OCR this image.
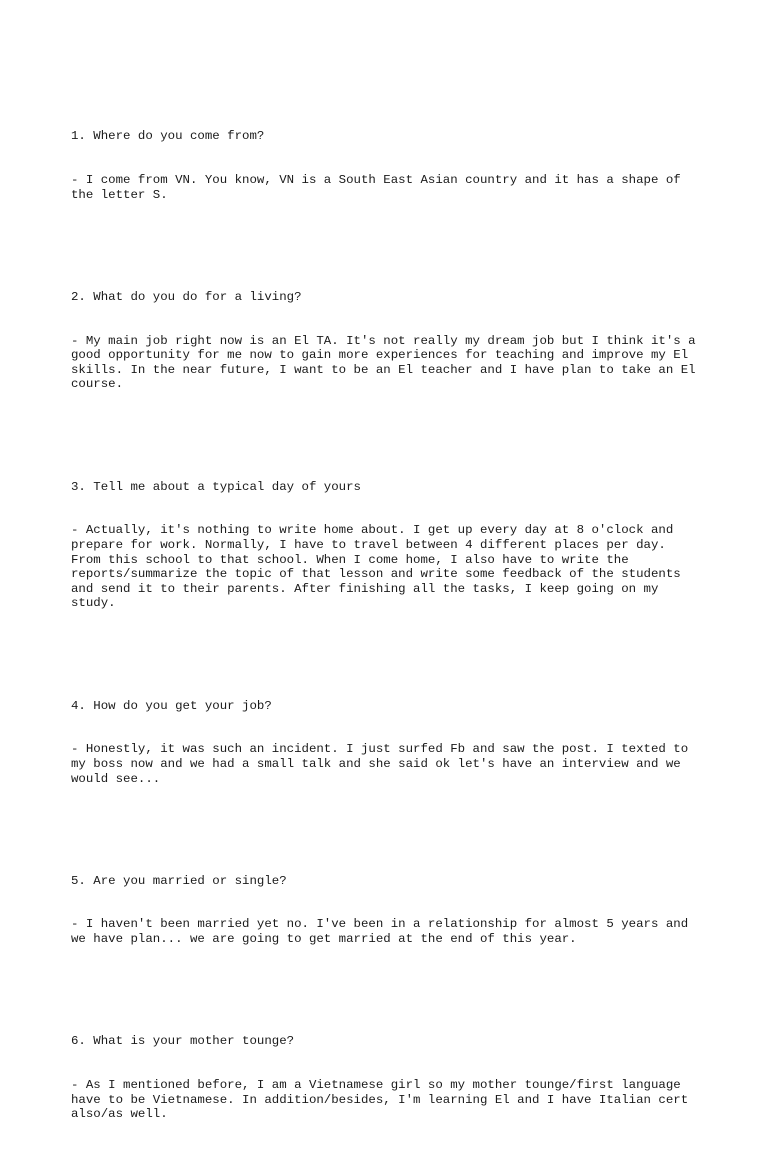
1. Where do you come from?

- I come from VN. You know, VN is a South East Asian country and it has a shape of the letter S.

2. What do you do for a living?

- My main job right now is an El TA. It's not really my dream job but I think it's a good opportunity for me now to gain more experiences for teaching and improve my El skills. In the near future, I want to be an El teacher and I have plan to take an El course.

3. Tell me about a typical day of yours

- Actually, it's nothing to write home about. I get up every day at 8 o'clock and prepare for work. Normally, I have to travel between 4 different places per day. From this school to that school. When I come home, I also have to write the reports/summarize the topic of that lesson and write some feedback of the students and send it to their parents. After finishing all the tasks, I keep going on my study.

4. How do you get your job?

- Honestly, it was such an incident. I just surfed Fb and saw the post. I texted to my boss now and we had a small talk and she said ok let's have an interview and we would see...

5. Are you married or single?

- I haven't been married yet no. I've been in a relationship for almost 5 years and we have plan... we are going to get married at the end of this year.

6. What is your mother tounge?

- As I mentioned before, I am a Vietnamese girl so my mother tounge/first language have to be Vietnamese. In addition/besides, I'm learning El and I have Italian cert also/as well.
